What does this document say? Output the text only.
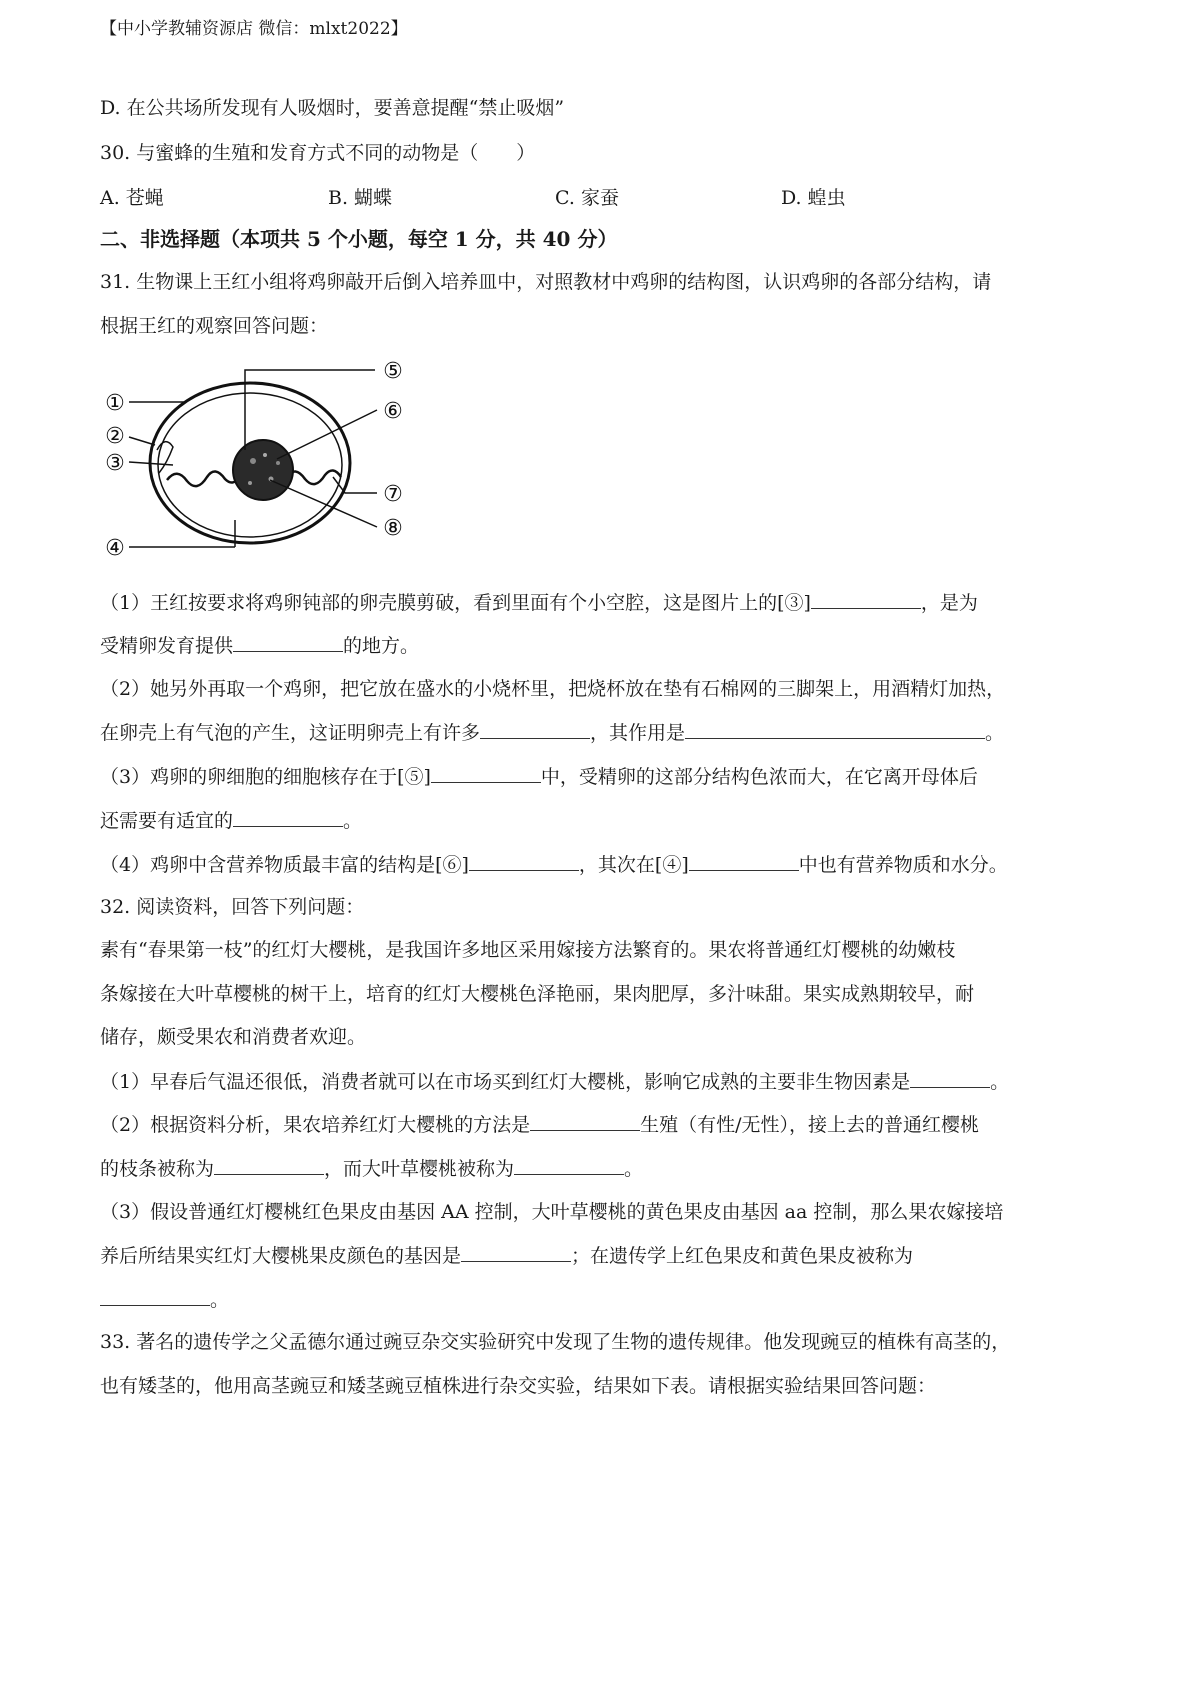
【中小学教辅资源店 微信：mlxt2022】
D. 在公共场所发现有人吸烟时，要善意提醒“禁止吸烟”
30. 与蜜蜂的生殖和发育方式不同的动物是（　　）
A. 苍蝇	B. 蝴蝶	C. 家蚕	D. 蝗虫
二、非选择题（本项共 5 个小题，每空 1 分，共 40 分）
31. 生物课上王红小组将鸡卵敲开后倒入培养皿中，对照教材中鸡卵的结构图，认识鸡卵的各部分结构，请
根据王红的观察回答问题：
①
②
③
④
⑤
⑥
⑦
⑧
（1）王红按要求将鸡卵钝部的卵壳膜剪破，看到里面有个小空腔，这是图片上的[③]	，是为
受精卵发育提供	的地方。
（2）她另外再取一个鸡卵，把它放在盛水的小烧杯里，把烧杯放在垫有石棉网的三脚架上，用酒精灯加热，
在卵壳上有气泡的产生，这证明卵壳上有许多	，其作用是	。
（3）鸡卵的卵细胞的细胞核存在于[⑤]	中，受精卵的这部分结构色浓而大，在它离开母体后
还需要有适宜的	。
（4）鸡卵中含营养物质最丰富的结构是[⑥]	，其次在[④]	中也有营养物质和水分。
32. 阅读资料，回答下列问题：
素有“春果第一枝”的红灯大樱桃，是我国许多地区采用嫁接方法繁育的。果农将普通红灯樱桃的幼嫩枝
条嫁接在大叶草樱桃的树干上，培育的红灯大樱桃色泽艳丽，果肉肥厚，多汁味甜。果实成熟期较早，耐
储存，颇受果农和消费者欢迎。
（1）早春后气温还很低，消费者就可以在市场买到红灯大樱桃，影响它成熟的主要非生物因素是	。
（2）根据资料分析，果农培养红灯大樱桃的方法是	生殖（有性/无性），接上去的普通红樱桃
的枝条被称为	，而大叶草樱桃被称为	。
（3）假设普通红灯樱桃红色果皮由基因 AA 控制，大叶草樱桃的黄色果皮由基因 aa 控制，那么果农嫁接培
养后所结果实红灯大樱桃果皮颜色的基因是	；在遗传学上红色果皮和黄色果皮被称为
。
33. 著名的遗传学之父孟德尔通过豌豆杂交实验研究中发现了生物的遗传规律。他发现豌豆的植株有高茎的，
也有矮茎的，他用高茎豌豆和矮茎豌豆植株进行杂交实验，结果如下表。请根据实验结果回答问题：
